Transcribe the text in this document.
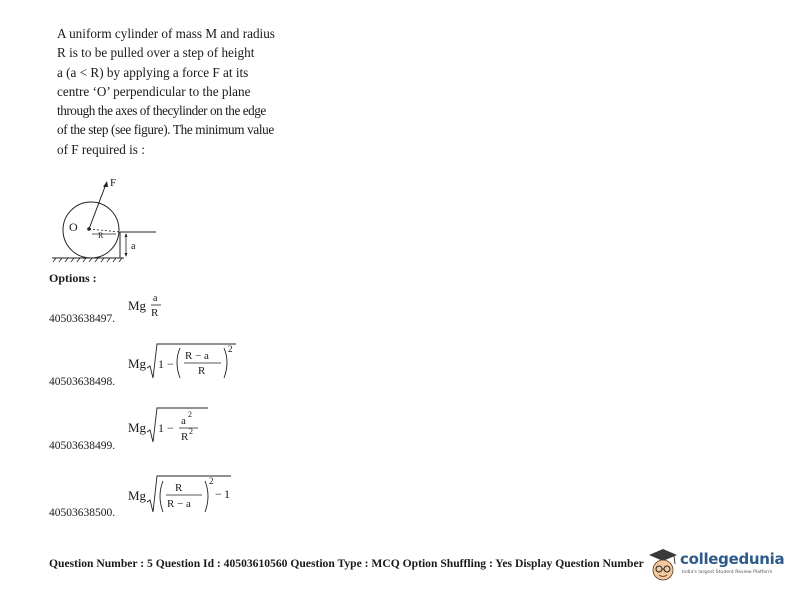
A uniform cylinder of mass M and radius
R is to be pulled over a step of height
a (a < R) by applying a force F at its
centre ‘O’ perpendicular to the plane
through the axes of thecylinder on the edge
of the step (see figure). The minimum value
of F required is :
F
O
R
a
Options :
40503638497.
Mg a
R
40503638498.
Mg 1 −
R − a
R
2
40503638499.
Mg 1 − a
2
R 2
40503638500.
Mg	R
R − a
2
− 1
Question Number : 5 Question Id : 40503610560 Question Type : MCQ Option Shuffling : Yes Display Question Number	collegedunia
India's largest Student Review Platform
